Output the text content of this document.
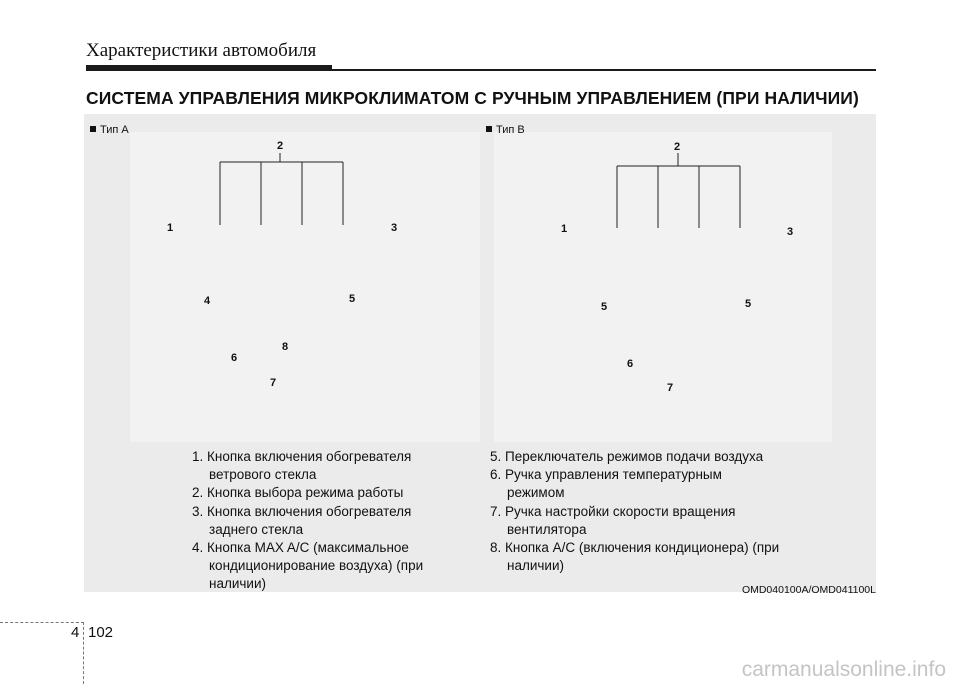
Характеристики автомобиля
СИСТЕМА УПРАВЛЕНИЯ МИКРОКЛИМАТОМ С РУЧНЫМ УПРАВЛЕНИЕМ (ПРИ НАЛИЧИИ)
Тип А	Тип В
2
1	3
4	5
8
6
7
2
1	3
5	5
6
7
1. Кнопка включения обогревателя ветрового стекла
2. Кнопка выбора режима работы
3. Кнопка включения обогревателя заднего стекла
4. Кнопка MAX A/C (максимальное кондиционирование воздуха) (при наличии)
5. Переключатель режимов подачи воздуха
6. Ручка управления температурным режимом
7. Ручка настройки скорости вращения вентилятора
8. Кнопка A/C (включения кондиционера) (при наличии)
OMD040100A/OMD041100L
4 102
carmanualsonline.info
